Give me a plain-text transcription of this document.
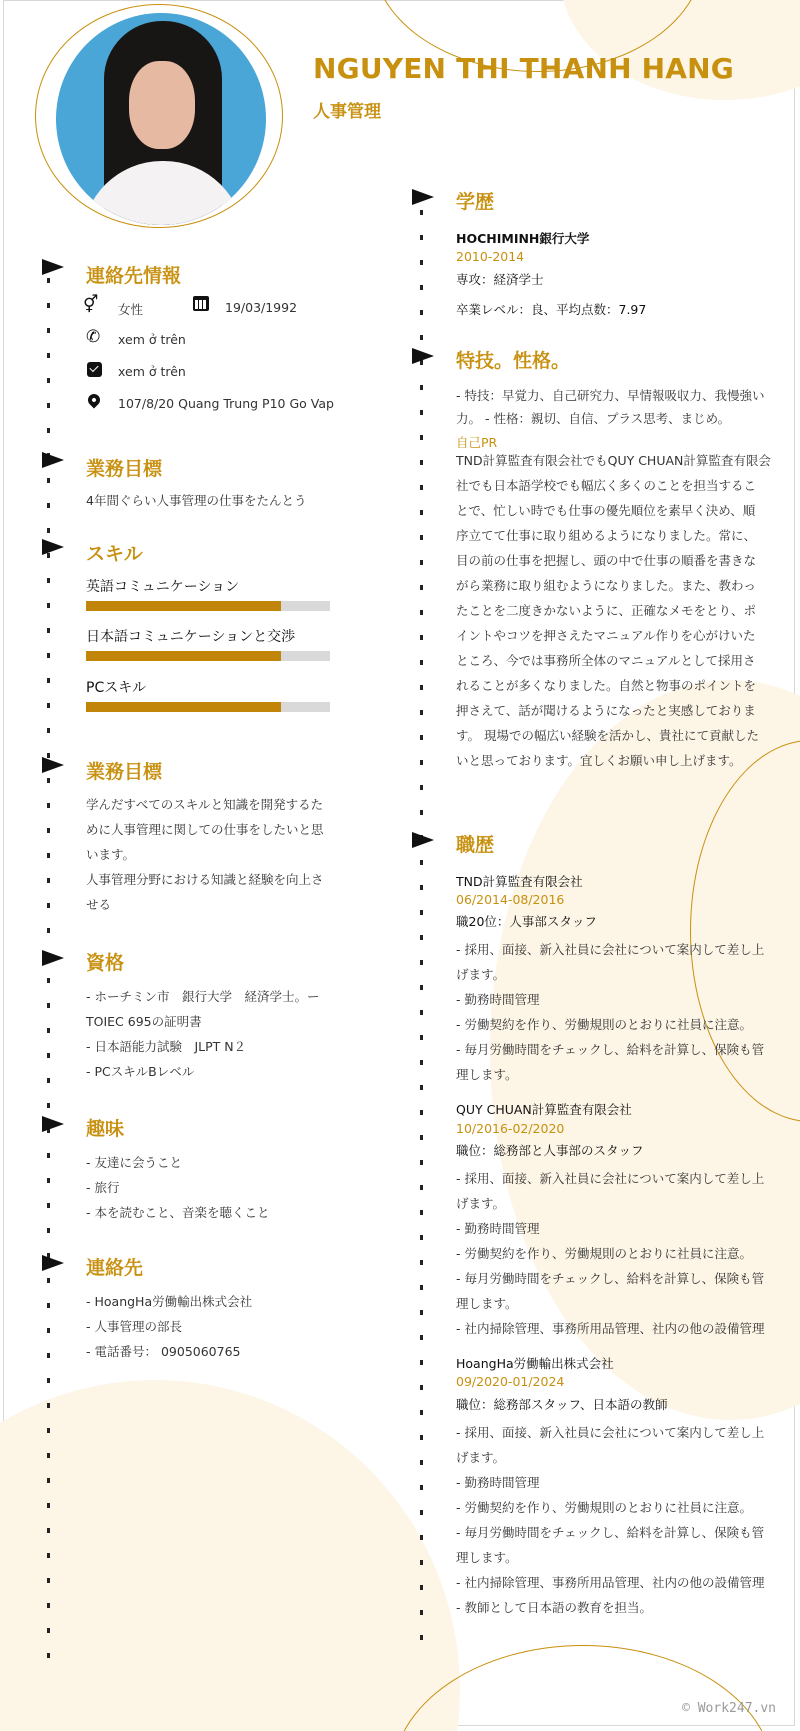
NGUYEN THI THANH HANG
人事管理
連絡先情報
⚥ 女性	19/03/1992
✆ xem ở trên
xem ở trên
107/8/20 Quang Trung P10 Go Vap
業務目標
4年間ぐらい人事管理の仕事をたんとう
スキル
英語コミュニケーション
日本語コミュニケーションと交渉
PCスキル
業務目標
学んだすべてのスキルと知識を開発するた
めに人事管理に関しての仕事をしたいと思
います。
人事管理分野における知識と経験を向上さ
せる
資格
- ホーチミン市　銀行大学　経済学士。ー
TOIEC 695の証明書
- 日本語能力試験　JLPT N２
- PCスキルBレベル
趣味
- 友達に会うこと
- 旅行
- 本を読むこと、音楽を聴くこと
連絡先
- HoangHa労働輸出株式会社
- 人事管理の部長
- 電話番号： 0905060765
学歴
HOCHIMINH銀行大学
2010-2014
専攻：経済学士
卒業レベル：良、平均点数：7.97
特技。性格。
- 特技：早覚力、自己研究力、早情報吸収力、我慢強い
力。 - 性格：親切、自信、プラス思考、まじめ。
自己PR
TND計算監査有限会社でもQUY CHUAN計算監査有限会
社でも日本語学校でも幅広く多くのことを担当するこ
とで、忙しい時でも仕事の優先順位を素早く決め、順
序立てて仕事に取り組めるようになりました。常に、
目の前の仕事を把握し、頭の中で仕事の順番を書きな
がら業務に取り組むようになりました。また、教わっ
たことを二度きかないように、正確なメモをとり、ポ
イントやコツを押さえたマニュアル作りを心がけいた
ところ、今では事務所全体のマニュアルとして採用さ
れることが多くなりました。自然と物事のポイントを
押さえて、話が聞けるようになったと実感しておりま
す。 現場での幅広い経験を活かし、貴社にて貢献した
いと思っております。宜しくお願い申し上げます。
職歴
TND計算監査有限会社
06/2014-08/2016
職20位：人事部スタッフ
- 採用、面接、新入社員に会社について案内して差し上
げます。
- 勤務時間管理
- 労働契約を作り、労働規則のとおりに社員に注意。
- 毎月労働時間をチェックし、給料を計算し、保険も管
理します。
QUY CHUAN計算監査有限会社
10/2016-02/2020
職位：総務部と人事部のスタッフ
- 採用、面接、新入社員に会社について案内して差し上
げます。
- 勤務時間管理
- 労働契約を作り、労働規則のとおりに社員に注意。
- 毎月労働時間をチェックし、給料を計算し、保険も管
理します。
- 社内掃除管理、事務所用品管理、社内の他の設備管理
HoangHa労働輸出株式会社
09/2020-01/2024
職位：総務部スタッフ、日本語の教師
- 採用、面接、新入社員に会社について案内して差し上
げます。
- 勤務時間管理
- 労働契約を作り、労働規則のとおりに社員に注意。
- 毎月労働時間をチェックし、給料を計算し、保険も管
理します。
- 社内掃除管理、事務所用品管理、社内の他の設備管理
- 教師として日本語の教育を担当。
© Work247.vn
